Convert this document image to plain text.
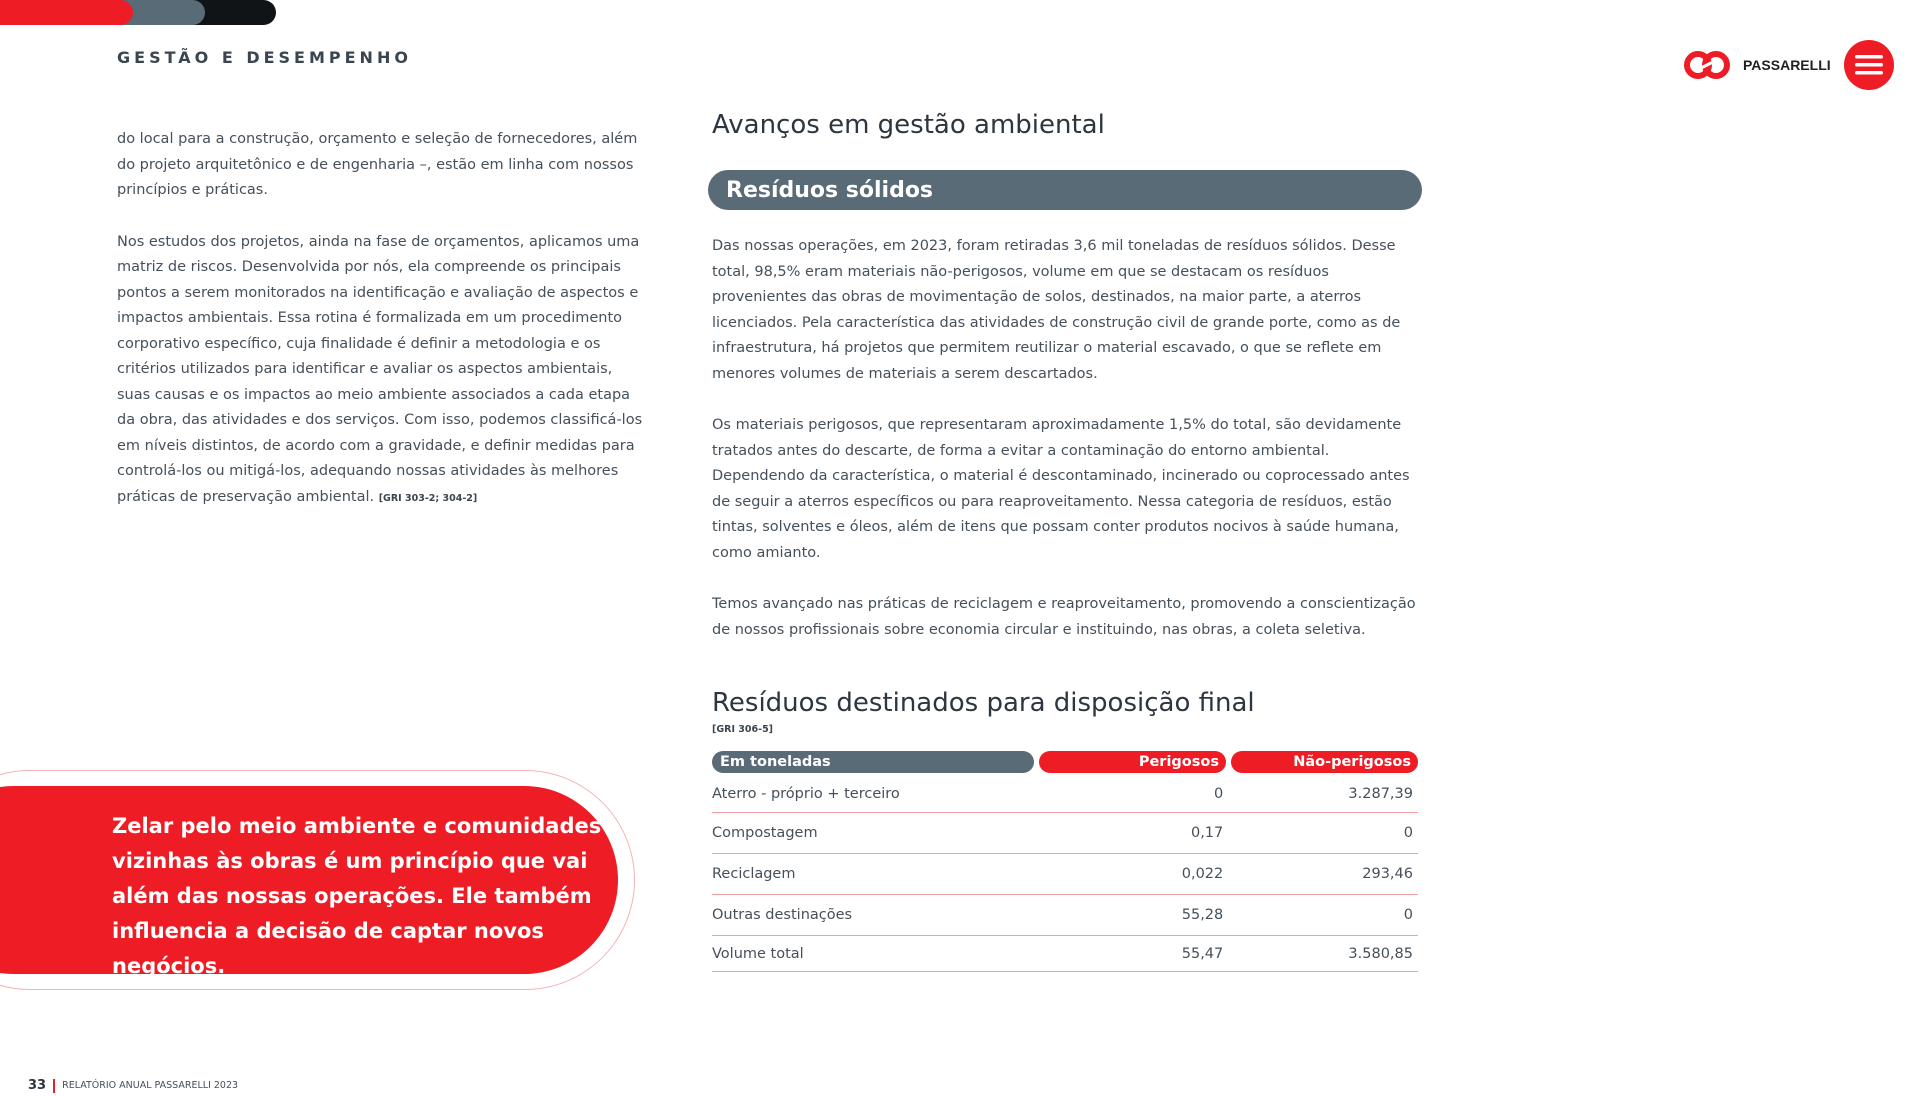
GESTÃO E DESEMPENHO	PASSARELLI

do local para a construção, orçamento e seleção de fornecedores, além do projeto arquitetônico e de engenharia –, estão em linha com nossos princípios e práticas.

Nos estudos dos projetos, ainda na fase de orçamentos, aplicamos uma matriz de riscos. Desenvolvida por nós, ela compreende os principais pontos a serem monitorados na identificação e avaliação de aspectos e impactos ambientais. Essa rotina é formalizada em um procedimento corporativo específico, cuja finalidade é definir a metodologia e os critérios utilizados para identificar e avaliar os aspectos ambientais, suas causas e os impactos ao meio ambiente associados a cada etapa da obra, das atividades e dos serviços. Com isso, podemos classificá-los em níveis distintos, de acordo com a gravidade, e definir medidas para controlá-los ou mitigá-los, adequando nossas atividades às melhores práticas de preservação ambiental. [GRI 303-2; 304-2]

Avanços em gestão ambiental
Resíduos sólidos

Das nossas operações, em 2023, foram retiradas 3,6 mil toneladas de resíduos sólidos. Desse total, 98,5% eram materiais não-perigosos, volume em que se destacam os resíduos provenientes das obras de movimentação de solos, destinados, na maior parte, a aterros licenciados. Pela característica das atividades de construção civil de grande porte, como as de infraestrutura, há projetos que permitem reutilizar o material escavado, o que se reflete em menores volumes de materiais a serem descartados.

Os materiais perigosos, que representaram aproximadamente 1,5% do total, são devidamente tratados antes do descarte, de forma a evitar a contaminação do entorno ambiental. Dependendo da característica, o material é descontaminado, incinerado ou coprocessado antes de seguir a aterros específicos ou para reaproveitamento. Nessa categoria de resíduos, estão tintas, solventes e óleos, além de itens que possam conter produtos nocivos à saúde humana, como amianto.

Temos avançado nas práticas de reciclagem e reaproveitamento, promovendo a conscientização de nossos profissionais sobre economia circular e instituindo, nas obras, a coleta seletiva.

Resíduos destinados para disposição final
[GRI 306-5]
Em toneladas	Perigosos	Não-perigosos
Aterro - próprio + terceiro	0	3.287,39
Compostagem	0,17	0
Reciclagem	0,022	293,46
Outras destinações	55,28	0
Volume total	55,47	3.580,85

Zelar pelo meio ambiente e comunidades vizinhas às obras é um princípio que vai além das nossas operações. Ele também influencia a decisão de captar novos negócios.

33 RELATÓRIO ANUAL PASSARELLI 2023
